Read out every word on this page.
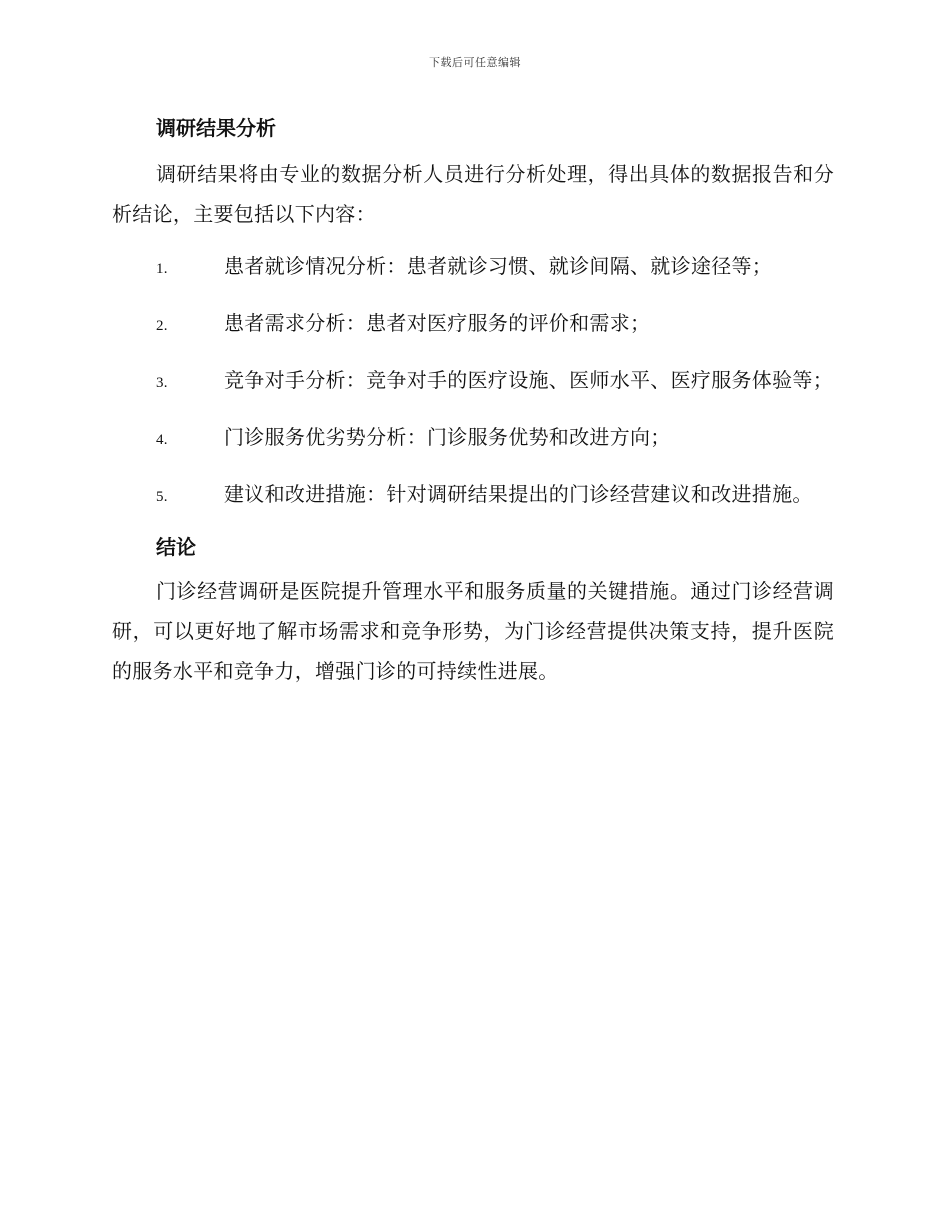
下载后可任意编辑
调研结果分析

调研结果将由专业的数据分析人员进行分析处理，得出具体的数据报告和分析结论，主要包括以下内容：

1.	患者就诊情况分析：患者就诊习惯、就诊间隔、就诊途径等；
2.	患者需求分析：患者对医疗服务的评价和需求；
3.	竞争对手分析：竞争对手的医疗设施、医师水平、医疗服务体验等；
4.	门诊服务优劣势分析：门诊服务优势和改进方向；
5.	建议和改进措施：针对调研结果提出的门诊经营建议和改进措施。
结论

门诊经营调研是医院提升管理水平和服务质量的关键措施。通过门诊经营调研，可以更好地了解市场需求和竞争形势，为门诊经营提供决策支持，提升医院的服务水平和竞争力，增强门诊的可持续性进展。
